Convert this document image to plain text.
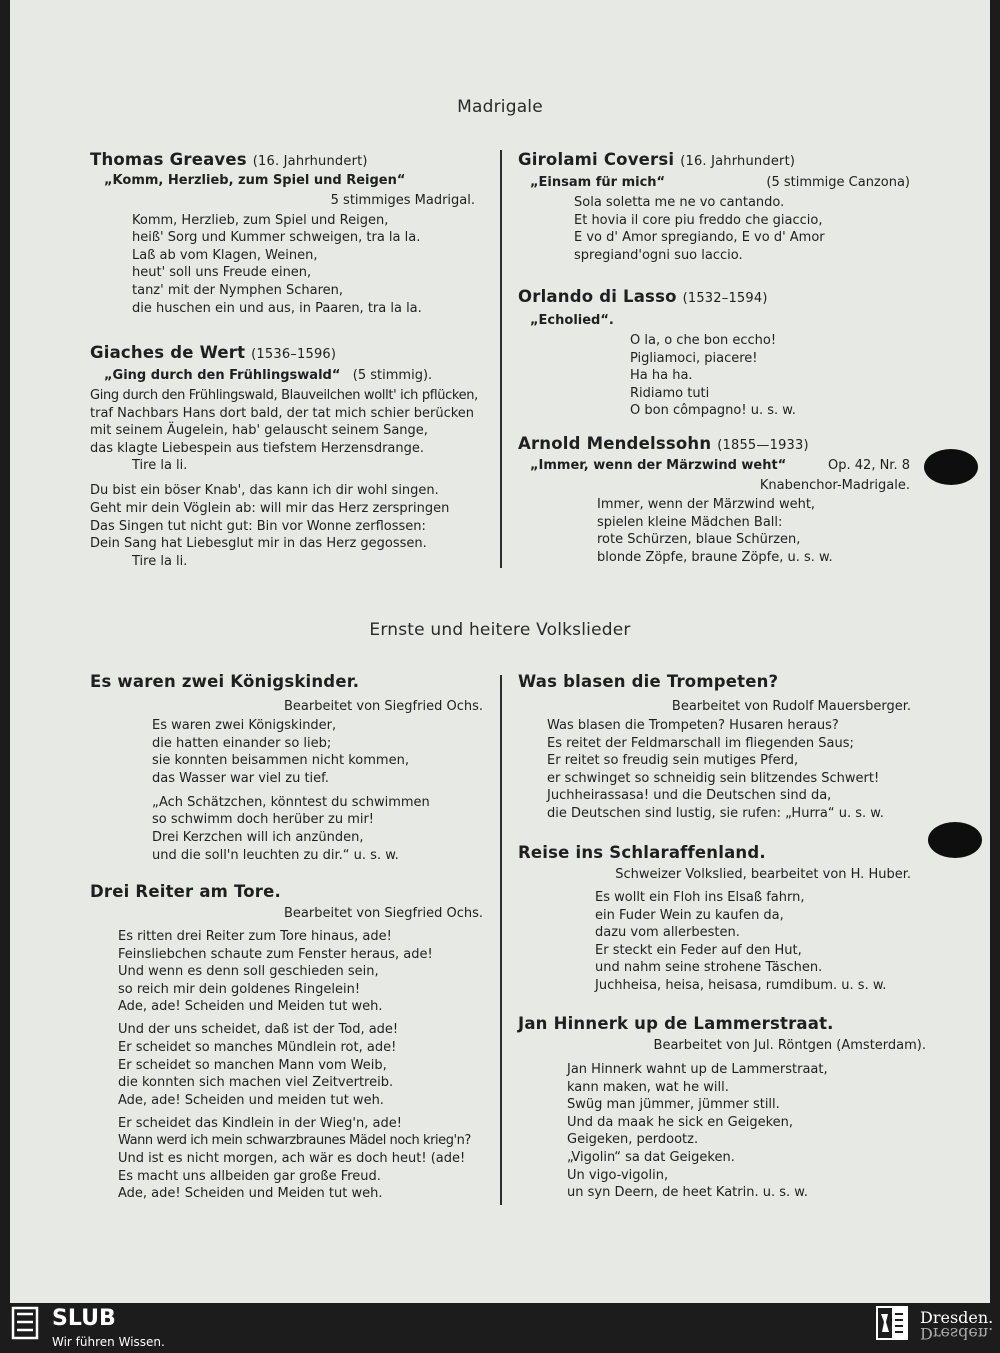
Madrigale
Ernste und heitere Volkslieder
Thomas Greaves (16. Jahrhundert)
„Komm, Herzlieb, zum Spiel und Reigen“
5 stimmiges Madrigal.
Komm, Herzlieb, zum Spiel und Reigen,
heiß' Sorg und Kummer schweigen, tra la la.
Laß ab vom Klagen, Weinen,
heut' soll uns Freude einen,
tanz' mit der Nymphen Scharen,
die huschen ein und aus, in Paaren, tra la la.
Giaches de Wert (1536–1596)
„Ging durch den Frühlingswald“ (5 stimmig).
Ging durch den Frühlingswald, Blauveilchen wollt' ich pflücken,
traf Nachbars Hans dort bald, der tat mich schier berücken
mit seinem Äugelein, hab' gelauscht seinem Sange,
das klagte Liebespein aus tiefstem Herzensdrange.
Tire la li.
Du bist ein böser Knab', das kann ich dir wohl singen.
Geht mir dein Vöglein ab: will mir das Herz zerspringen
Das Singen tut nicht gut: Bin vor Wonne zerflossen:
Dein Sang hat Liebesglut mir in das Herz gegossen.
Tire la li.
Girolami Coversi (16. Jahrhundert)
„Einsam für mich“	(5 stimmige Canzona)
Sola soletta me ne vo cantando.
Et hovia il core piu freddo che giaccio,
E vo d' Amor spregiando, E vo d' Amor
spregiand'ogni suo laccio.
Orlando di Lasso (1532–1594)
„Echolied“.
O la, o che bon eccho!
Pigliamoci, piacere!
Ha ha ha.
Ridiamo tuti
O bon cômpagno! u. s. w.
Arnold Mendelssohn (1855—1933)
„Immer, wenn der Märzwind weht“	Op. 42, Nr. 8
Knabenchor-Madrigale.
Immer, wenn der Märzwind weht,
spielen kleine Mädchen Ball:
rote Schürzen, blaue Schürzen,
blonde Zöpfe, braune Zöpfe, u. s. w.
Es waren zwei Königskinder.
Bearbeitet von Siegfried Ochs.
Es waren zwei Königskinder,
die hatten einander so lieb;
sie konnten beisammen nicht kommen,
das Wasser war viel zu tief.
„Ach Schätzchen, könntest du schwimmen
so schwimm doch herüber zu mir!
Drei Kerzchen will ich anzünden,
und die soll'n leuchten zu dir.“ u. s. w.
Drei Reiter am Tore.
Bearbeitet von Siegfried Ochs.
Es ritten drei Reiter zum Tore hinaus, ade!
Feinsliebchen schaute zum Fenster heraus, ade!
Und wenn es denn soll geschieden sein,
so reich mir dein goldenes Ringelein!
Ade, ade! Scheiden und Meiden tut weh.
Und der uns scheidet, daß ist der Tod, ade!
Er scheidet so manches Mündlein rot, ade!
Er scheidet so manchen Mann vom Weib,
die konnten sich machen viel Zeitvertreib.
Ade, ade! Scheiden und meiden tut weh.
Er scheidet das Kindlein in der Wieg'n, ade!
Wann werd ich mein schwarzbraunes Mädel noch krieg'n?
Und ist es nicht morgen, ach wär es doch heut! (ade!
Es macht uns allbeiden gar große Freud.
Ade, ade! Scheiden und Meiden tut weh.
Was blasen die Trompeten?
Bearbeitet von Rudolf Mauersberger.
Was blasen die Trompeten? Husaren heraus?
Es reitet der Feldmarschall im fliegenden Saus;
Er reitet so freudig sein mutiges Pferd,
er schwinget so schneidig sein blitzendes Schwert!
Juchheirassasa! und die Deutschen sind da,
die Deutschen sind lustig, sie rufen: „Hurra“ u. s. w.
Reise ins Schlaraffenland.
Schweizer Volkslied, bearbeitet von H. Huber.
Es wollt ein Floh ins Elsaß fahrn,
ein Fuder Wein zu kaufen da,
dazu vom allerbesten.
Er steckt ein Feder auf den Hut,
und nahm seine strohene Täschen.
Juchheisa, heisa, heisasa, rumdibum. u. s. w.
Jan Hinnerk up de Lammerstraat.
Bearbeitet von Jul. Röntgen (Amsterdam).
Jan Hinnerk wahnt up de Lammerstraat,
kann maken, wat he will.
Swüg man jümmer, jümmer still.
Und da maak he sick en Geigeken,
Geigeken, perdootz.
„Vigolin“ sa dat Geigeken.
Un vigo-vigolin,
un syn Deern, de heet Katrin. u. s. w.
SLUB
Wir führen Wissen.
Dresden.
Dresden.
